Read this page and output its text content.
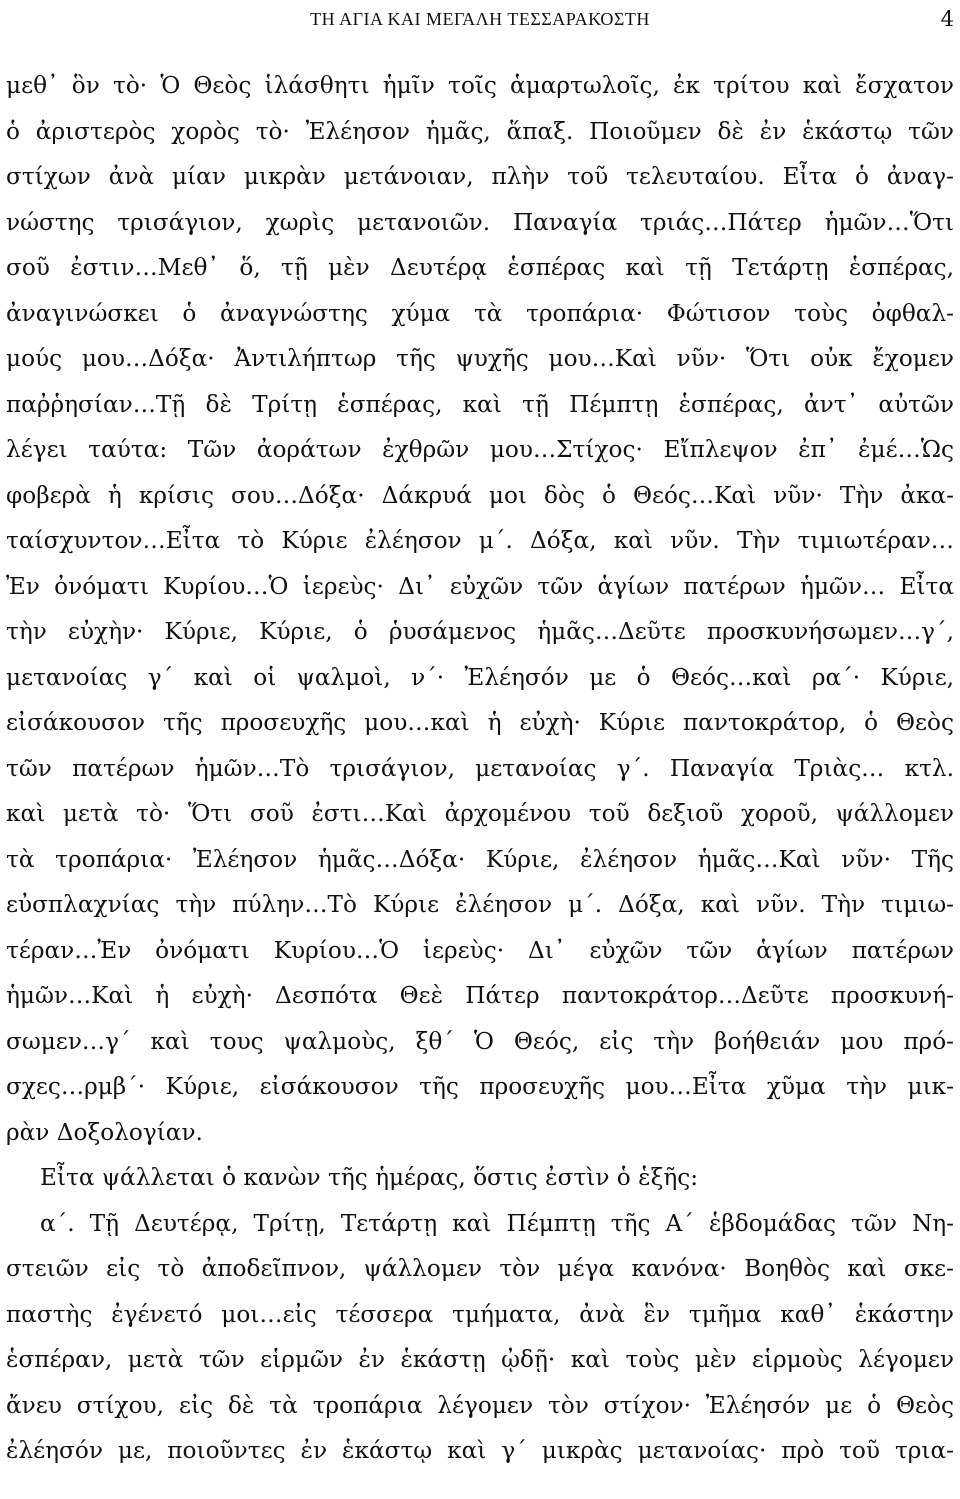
ΤΗ ΑΓΙΑ ΚΑΙ ΜΕΓΑΛΗ ΤΕΣΣΑΡΑΚΟΣΤΗ	4
μεθ᾽ ὃν τὸ· Ὁ Θεὸς ἱλάσθητι ἡμῖν τοῖς ἁμαρτωλοῖς, ἐκ τρίτου καὶ ἔσχατον
ὁ ἀριστερὸς χορὸς τὸ· Ἐλέησον ἡμᾶς, ἅπαξ. Ποιοῦμεν δὲ ἐν ἑκάστῳ τῶν
στίχων ἀνὰ μίαν μικρὰν μετάνοιαν, πλὴν τοῦ τελευταίου. Εἶτα ὁ ἀναγ-
νώστης τρισάγιον, χωρὶς μετανοιῶν. Παναγία τριάς…Πάτερ ἡμῶν…Ὅτι
σοῦ ἐστιν…Μεθ᾽ ὅ, τῇ μὲν Δευτέρᾳ ἑσπέρας καὶ τῇ Τετάρτῃ ἑσπέρας,
ἀναγινώσκει ὁ ἀναγνώστης χύμα τὰ τροπάρια· Φώτισον τοὺς ὀφθαλ-
μούς μου…Δόξα· Ἀντιλήπτωρ τῆς ψυχῆς μου…Καὶ νῦν· Ὅτι οὐκ ἔχομεν
παῤῥησίαν…Τῇ δὲ Τρίτῃ ἑσπέρας, καὶ τῇ Πέμπτῃ ἑσπέρας, ἀντ᾽ αὐτῶν
λέγει ταύτα: Τῶν ἀοράτων ἐχθρῶν μου…Στίχος· Εἴπλεψον ἐπ᾽ ἐμέ…Ὡς
φοβερὰ ἡ κρίσις σου…Δόξα· Δάκρυά μοι δὸς ὁ Θεός…Καὶ νῦν· Τὴν ἀκα-
ταίσχυντον…Εἶτα τὸ Κύριε ἐλέησον μ΄. Δόξα, καὶ νῦν. Τὴν τιμιωτέραν…
Ἐν ὀνόματι Κυρίου…Ὁ ἱερεὺς· Δι᾽ εὐχῶν τῶν ἁγίων πατέρων ἡμῶν… Εἶτα
τὴν εὐχὴν· Κύριε, Κύριε, ὁ ῥυσάμενος ἡμᾶς…Δεῦτε προσκυνήσωμεν…γ΄,
μετανοίας γ΄ καὶ οἱ ψαλμοὶ, ν΄· Ἐλέησόν με ὁ Θεός…καὶ ρα΄· Κύριε,
εἰσάκουσον τῆς προσευχῆς μου…καὶ ἡ εὐχὴ· Κύριε παντοκράτορ, ὁ Θεὸς
τῶν πατέρων ἡμῶν…Τὸ τρισάγιον, μετανοίας γ΄. Παναγία Τριὰς… κτλ.
καὶ μετὰ τὸ· Ὅτι σοῦ ἐστι…Καὶ ἀρχομένου τοῦ δεξιοῦ χοροῦ, ψάλλομεν
τὰ τροπάρια· Ἐλέησον ἡμᾶς…Δόξα· Κύριε, ἐλέησον ἡμᾶς…Καὶ νῦν· Τῆς
εὐσπλαχνίας τὴν πύλην…Τὸ Κύριε ἐλέησον μ΄. Δόξα, καὶ νῦν. Τὴν τιμιω-
τέραν…Ἐν ὀνόματι Κυρίου…Ὁ ἱερεὺς· Δι᾽ εὐχῶν τῶν ἁγίων πατέρων
ἡμῶν…Καὶ ἡ εὐχὴ· Δεσπότα Θεὲ Πάτερ παντοκράτορ…Δεῦτε προσκυνή-
σωμεν…γ΄ καὶ τους ψαλμοὺς, ξθ΄ Ὁ Θεός, εἰς τὴν βοήθειάν μου πρό-
σχες…ρμβ΄· Κύριε, εἰσάκουσον τῆς προσευχῆς μου…Εἶτα χῦμα τὴν μικ-
ρὰν Δοξολογίαν.
Εἶτα ψάλλεται ὁ κανὼν τῆς ἡμέρας, ὅστις ἐστὶν ὁ ἑξῆς:
α΄. Τῇ Δευτέρᾳ, Τρίτῃ, Τετάρτῃ καὶ Πέμπτῃ τῆς Α΄ ἑβδομάδας τῶν Νη-
στειῶν εἰς τὸ ἀποδεῖπνον, ψάλλομεν τὸν μέγα κανόνα· Βοηθὸς καὶ σκε-
παστὴς ἐγένετό μοι…εἰς τέσσερα τμήματα, ἀνὰ ἓν τμῆμα καθ᾽ ἑκάστην
ἑσπέραν, μετὰ τῶν εἱρμῶν ἐν ἑκάστῃ ᾠδῇ· καὶ τοὺς μὲν εἱρμοὺς λέγομεν
ἄνευ στίχου, εἰς δὲ τὰ τροπάρια λέγομεν τὸν στίχον· Ἐλέησόν με ὁ Θεὸς
ἐλέησόν με, ποιοῦντες ἐν ἑκάστῳ καὶ γ΄ μικρὰς μετανοίας· πρὸ τοῦ τρια-
